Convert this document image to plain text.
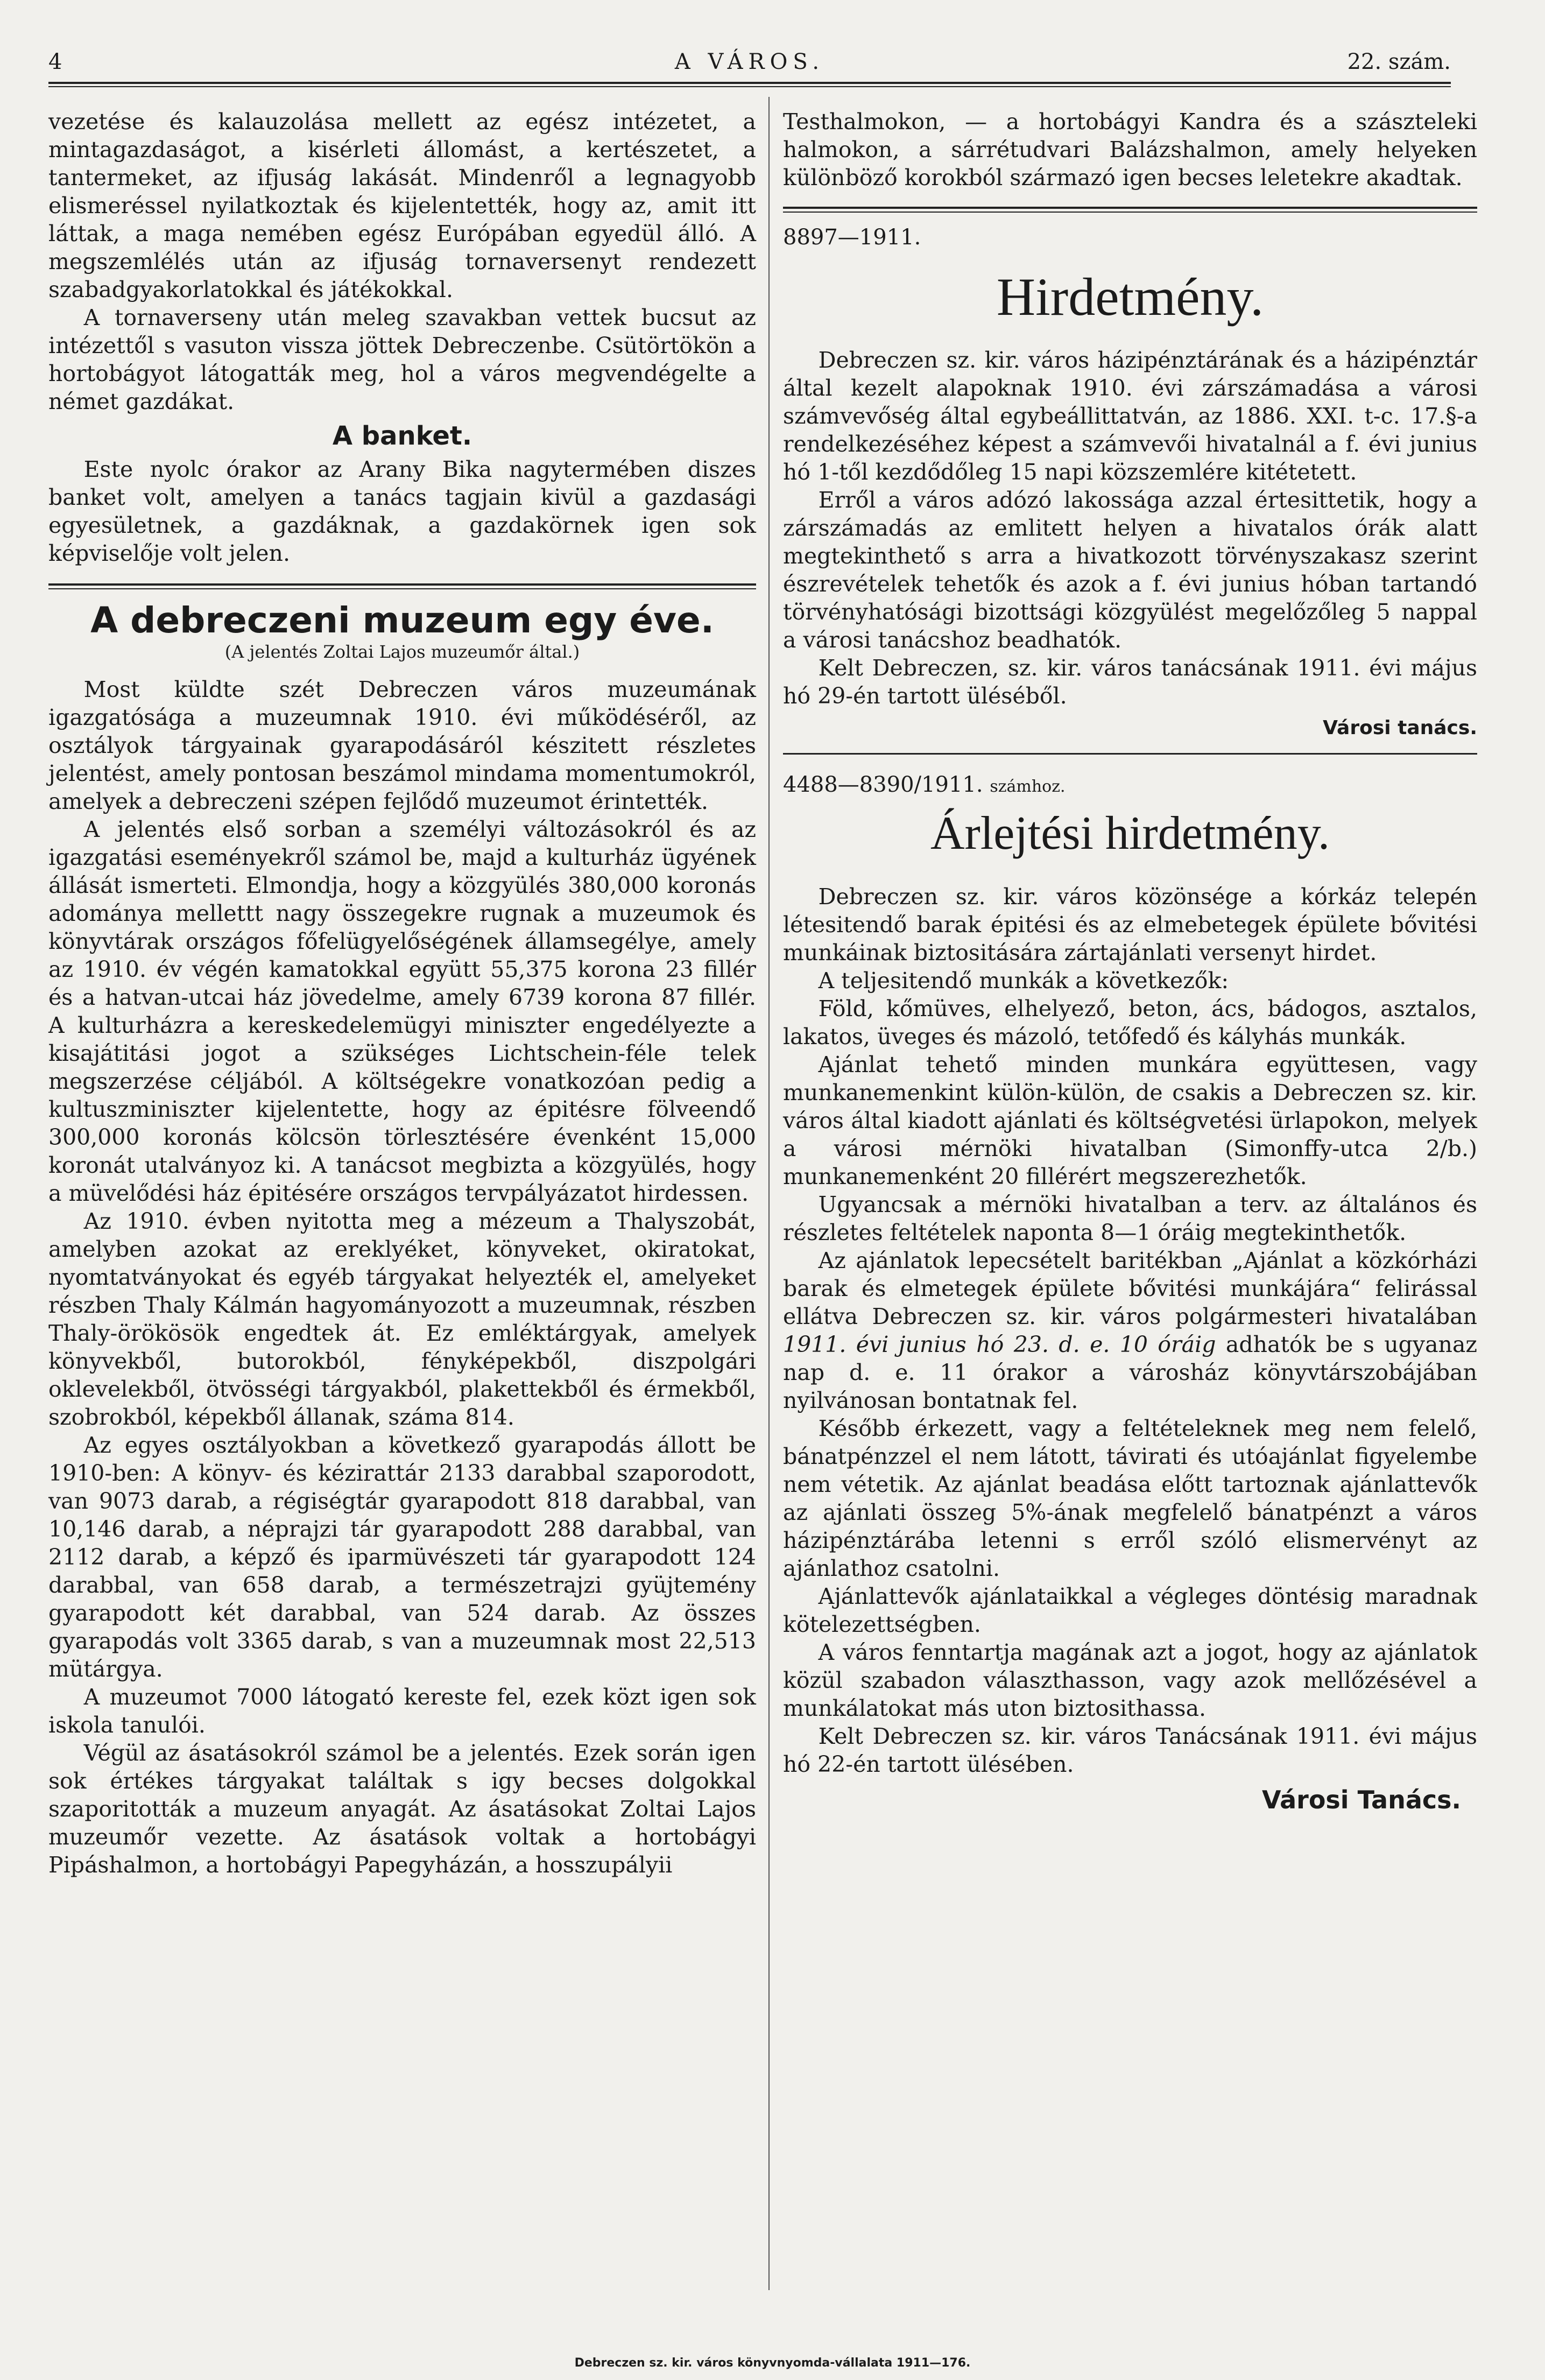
4	A VÁROS.	22. szám.

vezetése és kalauzolása mellett az egész intézetet, a mintagazdaságot, a kisérleti állomást, a kertészetet, a tantermeket, az ifjuság lakását. Mindenről a legnagyobb elismeréssel nyilatkoztak és kijelentették, hogy az, amit itt láttak, a maga nemében egész Európában egyedül álló. A megszemlélés után az ifjuság tornaversenyt rendezett szabadgyakorlatokkal és játékokkal.

A tornaverseny után meleg szavakban vettek bucsut az intézettől s vasuton vissza jöttek Debreczenbe. Csütörtökön a hortobágyot látogatták meg, hol a város megvendégelte a német gazdákat.

A banket.

Este nyolc órakor az Arany Bika nagytermében diszes banket volt, amelyen a tanács tagjain kivül a gazdasági egyesületnek, a gazdáknak, a gazdakörnek igen sok képviselője volt jelen.

A debreczeni muzeum egy éve.
(A jelentés Zoltai Lajos muzeumőr által.)

Most küldte szét Debreczen város muzeumának igazgatósága a muzeumnak 1910. évi működéséről, az osztályok tárgyainak gyarapodásáról készitett részletes jelentést, amely pontosan beszámol mindama momentumokról, amelyek a debreczeni szépen fejlődő muzeumot érintették.

A jelentés első sorban a személyi változásokról és az igazgatási eseményekről számol be, majd a kulturház ügyének állását ismerteti. Elmondja, hogy a közgyülés 380,000 koronás adománya mellettt nagy összegekre rugnak a muzeumok és könyvtárak országos főfelügyelőségének államsegélye, amely az 1910. év végén kamatokkal együtt 55,375 korona 23 fillér és a hatvan-utcai ház jövedelme, amely 6739 korona 87 fillér. A kulturházra a kereskedelemügyi miniszter engedélyezte a kisajátitási jogot a szükséges Lichtschein-féle telek megszerzése céljából. A költségekre vonatkozóan pedig a kultuszminiszter kijelentette, hogy az épitésre fölveendő 300,000 koronás kölcsön törlesztésére évenként 15,000 koronát utalványoz ki. A tanácsot megbizta a közgyülés, hogy a müvelődési ház épitésére országos tervpályázatot hirdessen.

Az 1910. évben nyitotta meg a mézeum a Thalyszobát, amelyben azokat az ereklyéket, könyveket, okiratokat, nyomtatványokat és egyéb tárgyakat helyezték el, amelyeket részben Thaly Kálmán hagyományozott a muzeumnak, részben Thaly-örökösök engedtek át. Ez emléktárgyak, amelyek könyvekből, butorokból, fényképekből, diszpolgári oklevelekből, ötvösségi tárgyakból, plakettekből és érmekből, szobrokból, képekből állanak, száma 814.

Az egyes osztályokban a következő gyarapodás állott be 1910-ben: A könyv- és kézirattár 2133 darabbal szaporodott, van 9073 darab, a régiségtár gyarapodott 818 darabbal, van 10,146 darab, a néprajzi tár gyarapodott 288 darabbal, van 2112 darab, a képző és iparmüvészeti tár gyarapodott 124 darabbal, van 658 darab, a természetrajzi gyüjtemény gyarapodott két darabbal, van 524 darab. Az összes gyarapodás volt 3365 darab, s van a muzeumnak most 22,513 mütárgya.

A muzeumot 7000 látogató kereste fel, ezek közt igen sok iskola tanulói.

Végül az ásatásokról számol be a jelentés. Ezek során igen sok értékes tárgyakat találtak s igy becses dolgokkal szaporitották a muzeum anyagát. Az ásatásokat Zoltai Lajos muzeumőr vezette. Az ásatások voltak a hortobágyi Pipáshalmon, a hortobágyi Papegyházán, a hosszupályii

Testhalmokon, — a hortobágyi Kandra és a szászteleki halmokon, a sárrétudvari Balázshalmon, amely helyeken különböző korokból származó igen becses leletekre akadtak.

8897—1911.

Hirdetmény.

Debreczen sz. kir. város házipénztárának és a házipénztár által kezelt alapoknak 1910. évi zárszámadása a városi számvevőség által egybeállittatván, az 1886. XXI. t-c. 17.§-a rendelkezéséhez képest a számvevői hivatalnál a f. évi junius hó 1-től kezdődőleg 15 napi közszemlére kitétetett.

Erről a város adózó lakossága azzal értesittetik, hogy a zárszámadás az emlitett helyen a hivatalos órák alatt megtekinthető s arra a hivatkozott törvényszakasz szerint észrevételek tehetők és azok a f. évi junius hóban tartandó törvényhatósági bizottsági közgyülést megelőzőleg 5 nappal a városi tanácshoz beadhatók.

Kelt Debreczen, sz. kir. város tanácsának 1911. évi május hó 29-én tartott üléséből.

Városi tanács.

4488—8390/1911. számhoz.

Árlejtési hirdetmény.

Debreczen sz. kir. város közönsége a kórkáz telepén létesitendő barak épitési és az elmebetegek épülete bővitési munkáinak biztositására zártajánlati versenyt hirdet.

A teljesitendő munkák a következők:

Föld, kőmüves, elhelyező, beton, ács, bádogos, asztalos, lakatos, üveges és mázoló, tetőfedő és kályhás munkák.

Ajánlat tehető minden munkára együttesen, vagy munkanemenkint külön-külön, de csakis a Debreczen sz. kir. város által kiadott ajánlati és költségvetési ürlapokon, melyek a városi mérnöki hivatalban (Simonffy-utca 2/b.) munkanemenként 20 fillérért megszerezhetők.

Ugyancsak a mérnöki hivatalban a terv. az általános és részletes feltételek naponta 8—1 óráig megtekinthetők.

Az ajánlatok lepecsételt baritékban „Ajánlat a közkórházi barak és elmetegek épülete bővitési munkájára“ felirással ellátva Debreczen sz. kir. város polgármesteri hivatalában 1911. évi junius hó 23. d. e. 10 óráig adhatók be s ugyanaz nap d. e. 11 órakor a városház könyvtárszobájában nyilvánosan bontatnak fel.

Később érkezett, vagy a feltételeknek meg nem felelő, bánatpénzzel el nem látott, távirati és utóajánlat figyelembe nem vétetik. Az ajánlat beadása előtt tartoznak ajánlattevők az ajánlati összeg 5%-ának megfelelő bánatpénzt a város házipénztárába letenni s erről szóló elismervényt az ajánlathoz csatolni.

Ajánlattevők ajánlataikkal a végleges döntésig maradnak kötelezettségben.

A város fenntartja magának azt a jogot, hogy az ajánlatok közül szabadon választhasson, vagy azok mellőzésével a munkálatokat más uton biztosithassa.

Kelt Debreczen sz. kir. város Tanácsának 1911. évi május hó 22-én tartott ülésében.

Városi Tanács.
Debreczen sz. kir. város könyvnyomda-vállalata 1911—176.
